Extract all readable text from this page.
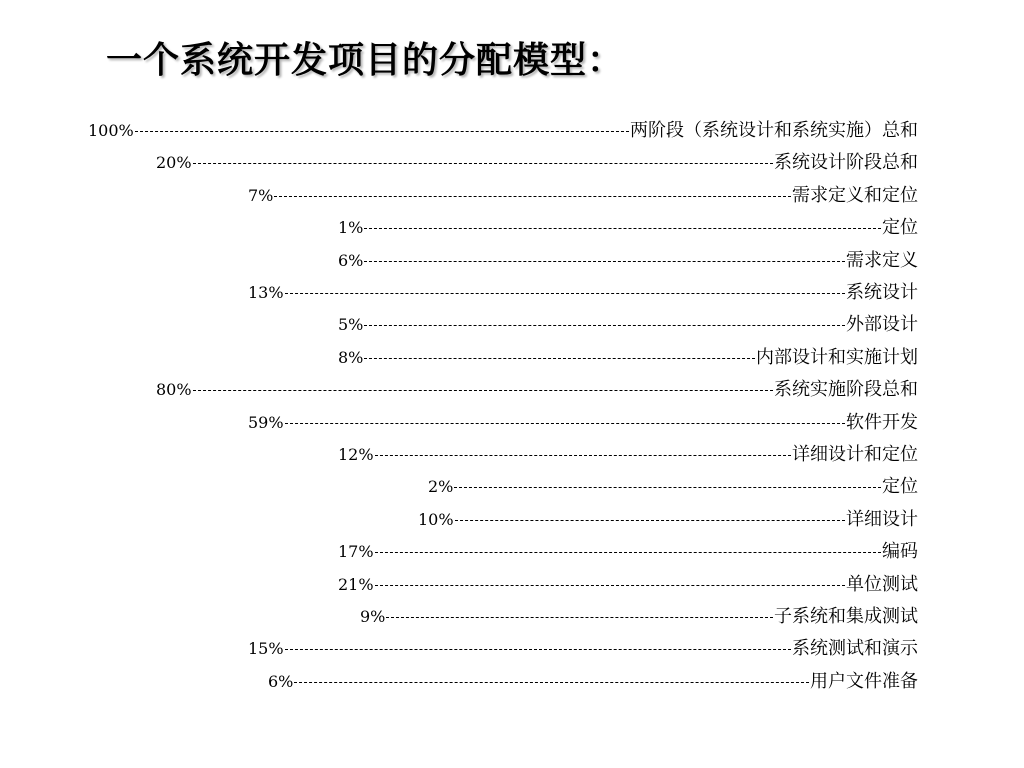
一个系统开发项目的分配模型：
100%	两阶段（系统设计和系统实施）总和
20%	系统设计阶段总和
7%	需求定义和定位
1%	定位
6%	需求定义
13%	系统设计
5%	外部设计
8%	内部设计和实施计划
80%	系统实施阶段总和
59%	软件开发
12%	详细设计和定位
2%	定位
10%	详细设计
17%	编码
21%	单位测试
9%	子系统和集成测试
15%	系统测试和演示
6%	用户文件准备
